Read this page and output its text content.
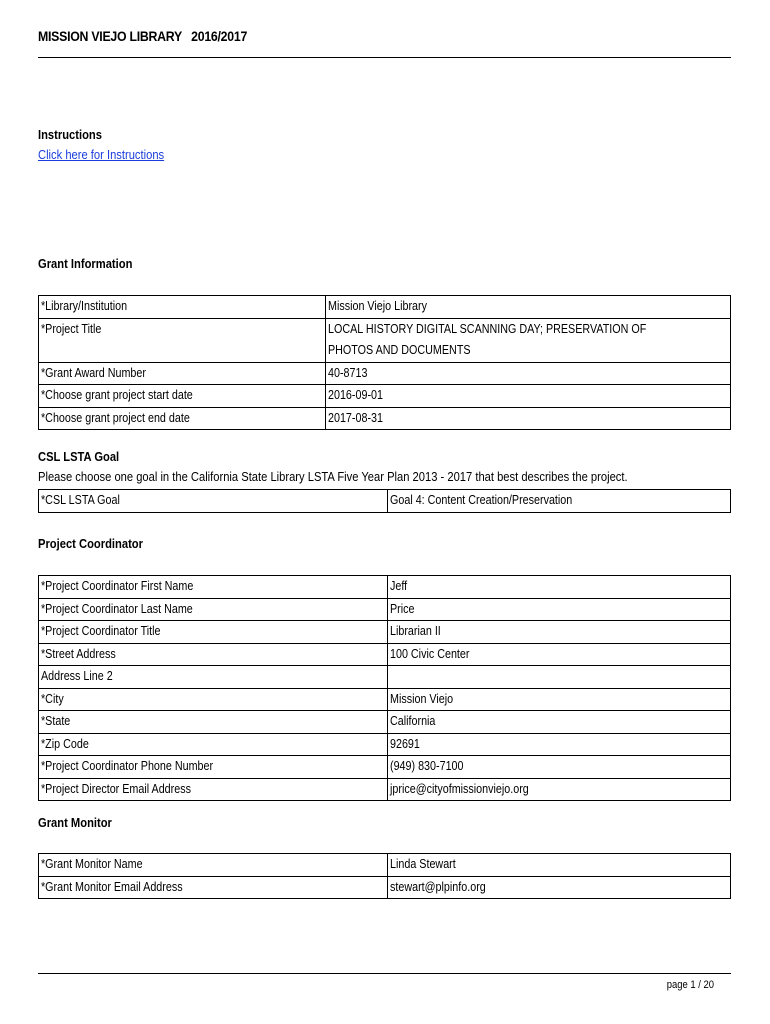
MISSION VIEJO LIBRARY   2016/2017
Instructions
Click here for Instructions
Grant Information
*Library/Institution	Mission Viejo Library
*Project Title	LOCAL HISTORY DIGITAL SCANNING DAY; PRESERVATION OF PHOTOS AND DOCUMENTS

*Grant Award Number	40-8713
*Choose grant project start date	2016-09-01
*Choose grant project end date	2017-08-31
CSL LSTA Goal
Please choose one goal in the California State Library LSTA Five Year Plan 2013 - 2017 that best describes the project.
*CSL LSTA Goal	Goal 4: Content Creation/Preservation
Project Coordinator
*Project Coordinator First Name	Jeff
*Project Coordinator Last Name	Price
*Project Coordinator Title	Librarian II
*Street Address	100 Civic Center
Address Line 2	
*City	Mission Viejo
*State	California
*Zip Code	92691
*Project Coordinator Phone Number	(949) 830-7100
*Project Director Email Address	jprice@cityofmissionviejo.org
Grant Monitor
*Grant Monitor Name	Linda Stewart
*Grant Monitor Email Address	stewart@plpinfo.org
page 1 / 20
